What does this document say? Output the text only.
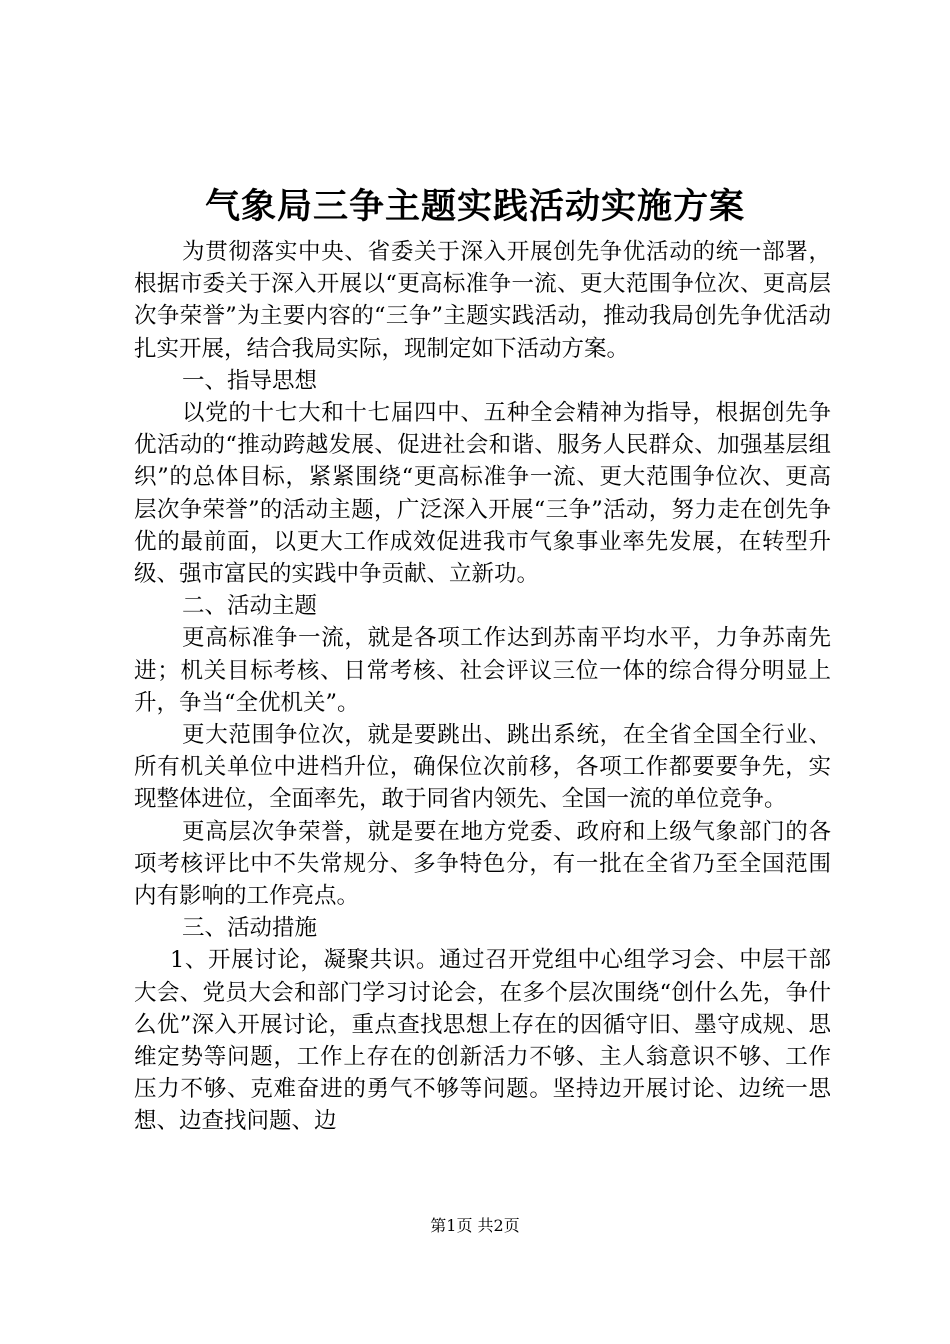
气象局三争主题实践活动实施方案

为贯彻落实中央、省委关于深入开展创先争优活动的统一部署，根据市委关于深入开展以“更高标准争一流、更大范围争位次、更高层次争荣誉”为主要内容的“三争”主题实践活动，推动我局创先争优活动扎实开展，结合我局实际，现制定如下活动方案。

一、指导思想

以党的十七大和十七届四中、五种全会精神为指导，根据创先争优活动的“推动跨越发展、促进社会和谐、服务人民群众、加强基层组织”的总体目标，紧紧围绕“更高标准争一流、更大范围争位次、更高层次争荣誉”的活动主题，广泛深入开展“三争”活动，努力走在创先争优的最前面，以更大工作成效促进我市气象事业率先发展，在转型升级、强市富民的实践中争贡献、立新功。

二、活动主题

更高标准争一流，就是各项工作达到苏南平均水平，力争苏南先进；机关目标考核、日常考核、社会评议三位一体的综合得分明显上升，争当“全优机关”。

更大范围争位次，就是要跳出、跳出系统，在全省全国全行业、所有机关单位中进档升位，确保位次前移，各项工作都要要争先，实现整体进位，全面率先，敢于同省内领先、全国一流的单位竞争。

更高层次争荣誉，就是要在地方党委、政府和上级气象部门的各项考核评比中不失常规分、多争特色分，有一批在全省乃至全国范围内有影响的工作亮点。

三、活动措施

1、开展讨论，凝聚共识。通过召开党组中心组学习会、中层干部大会、党员大会和部门学习讨论会，在多个层次围绕“创什么先，争什么优”深入开展讨论，重点查找思想上存在的因循守旧、墨守成规、思维定势等问题，工作上存在的创新活力不够、主人翁意识不够、工作压力不够、克难奋进的勇气不够等问题。坚持边开展讨论、边统一思想、边查找问题、边

第1页 共2页
